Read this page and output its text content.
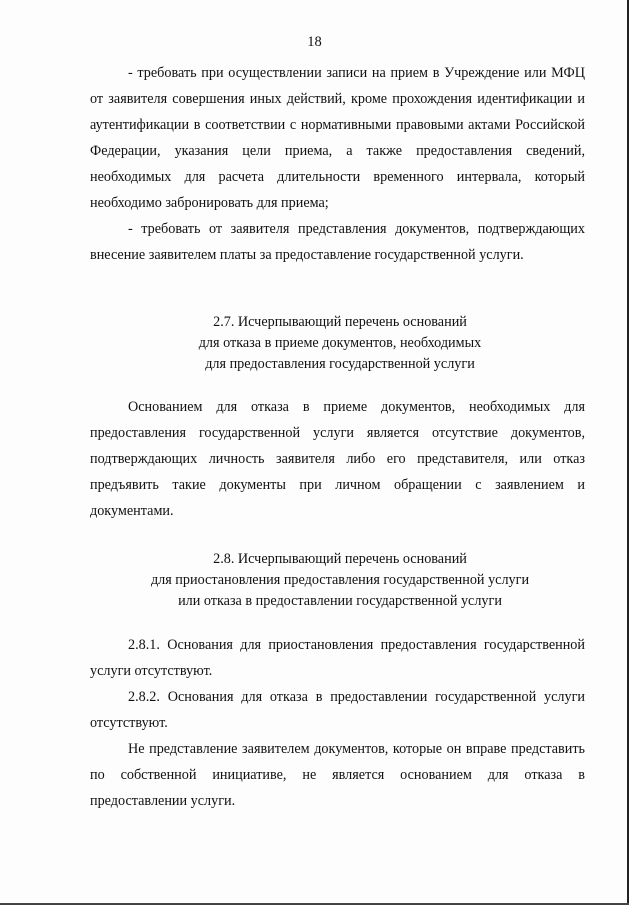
18

- требовать при осуществлении записи на прием в Учреждение или МФЦ от заявителя совершения иных действий, кроме прохождения идентификации и аутентификации в соответствии с нормативными правовыми актами Российской Федерации, указания цели приема, а также предоставления сведений, необходимых для расчета длительности временного интервала, который необходимо забронировать для приема;

- требовать от заявителя представления документов, подтверждающих внесение заявителем платы за предоставление государственной услуги.

2.7. Исчерпывающий перечень оснований
для отказа в приеме документов, необходимых
для предоставления государственной услуги

Основанием для отказа в приеме документов, необходимых для предоставления государственной услуги является отсутствие документов, подтверждающих личность заявителя либо его представителя, или отказ предъявить такие документы при личном обращении с заявлением и документами.

2.8. Исчерпывающий перечень оснований
для приостановления предоставления государственной услуги
или отказа в предоставлении государственной услуги

2.8.1. Основания для приостановления предоставления государственной услуги отсутствуют.

2.8.2. Основания для отказа в предоставлении государственной услуги отсутствуют.

Не представление заявителем документов, которые он вправе представить по собственной инициативе, не является основанием для отказа в предоставлении услуги.
